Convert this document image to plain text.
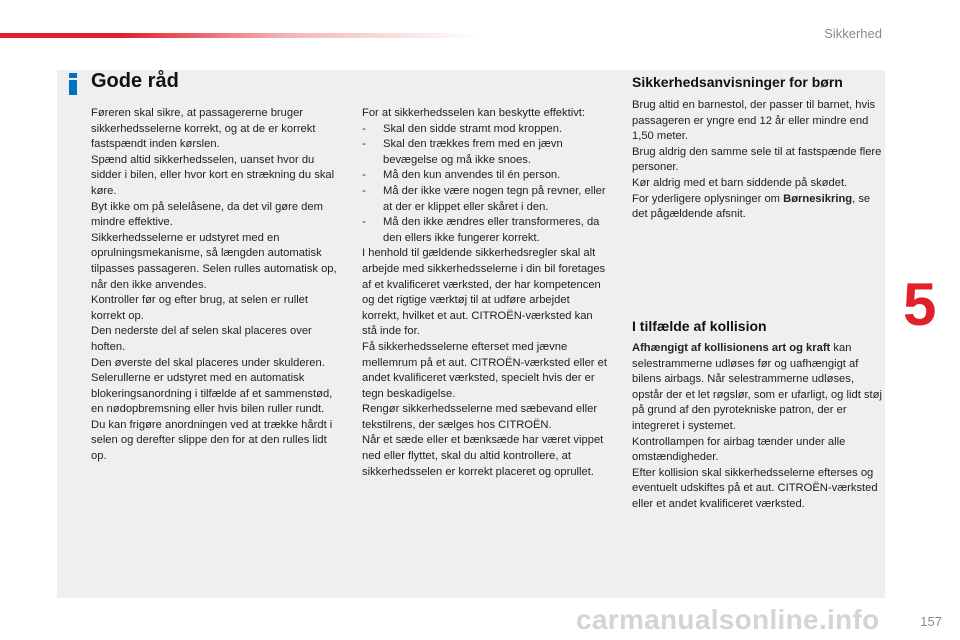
Sikkerhed
Gode råd

Føreren skal sikre, at passagererne bruger sikkerhedsselerne korrekt, og at de er korrekt fastspændt inden kørslen.

Spænd altid sikkerhedsselen, uanset hvor du sidder i bilen, eller hvor kort en strækning du skal køre.

Byt ikke om på selelåsene, da det vil gøre dem mindre effektive.

Sikkerhedsselerne er udstyret med en oprulningsmekanisme, så længden automatisk tilpasses passageren. Selen rulles automatisk op, når den ikke anvendes.

Kontroller før og efter brug, at selen er rullet korrekt op.

Den nederste del af selen skal placeres over hoften.

Den øverste del skal placeres under skulderen.

Selerullerne er udstyret med en automatisk blokeringsanordning i tilfælde af et sammenstød, en nødopbremsning eller hvis bilen ruller rundt. Du kan frigøre anordningen ved at trække hårdt i selen og derefter slippe den for at den rulles lidt op.

For at sikkerhedsselen kan beskytte effektivt:

-	Skal den sidde stramt mod kroppen.
-	Skal den trækkes frem med en jævn bevægelse og må ikke snoes.
-	Må den kun anvendes til én person.
-	Må der ikke være nogen tegn på revner, eller at der er klippet eller skåret i den.
-	Må den ikke ændres eller transformeres, da den ellers ikke fungerer korrekt.

I henhold til gældende sikkerhedsregler skal alt arbejde med sikkerhedsselerne i din bil foretages af et kvalificeret værksted, der har kompetencen og det rigtige værktøj til at udføre arbejdet korrekt, hvilket et aut. CITROËN-værksted kan stå inde for.

Få sikkerhedsselerne efterset med jævne mellemrum på et aut. CITROËN-værksted eller et andet kvalificeret værksted, specielt hvis der er tegn beskadigelse.

Rengør sikkerhedsselerne med sæbevand eller tekstilrens, der sælges hos CITROËN.

Når et sæde eller et bænksæde har været vippet ned eller flyttet, skal du altid kontrollere, at sikkerhedsselen er korrekt placeret og oprullet.

Sikkerhedsanvisninger for børn

Brug altid en barnestol, der passer til barnet, hvis passageren er yngre end 12 år eller mindre end 1,50 meter.

Brug aldrig den samme sele til at fastspænde flere personer.

Kør aldrig med et barn siddende på skødet.

For yderligere oplysninger om Børnesikring, se det pågældende afsnit.

I tilfælde af kollision

Afhængigt af kollisionens art og kraft kan selestrammerne udløses før og uafhængigt af bilens airbags. Når selestrammerne udløses, opstår der et let røgslør, som er ufarligt, og lidt støj på grund af den pyrotekniske patron, der er integreret i systemet.

Kontrollampen for airbag tænder under alle omstændigheder.

Efter kollision skal sikkerhedsselerne efterses og eventuelt udskiftes på et aut. CITROËN-værksted eller et andet kvalificeret værksted.

5
carmanualsonline.info	157
